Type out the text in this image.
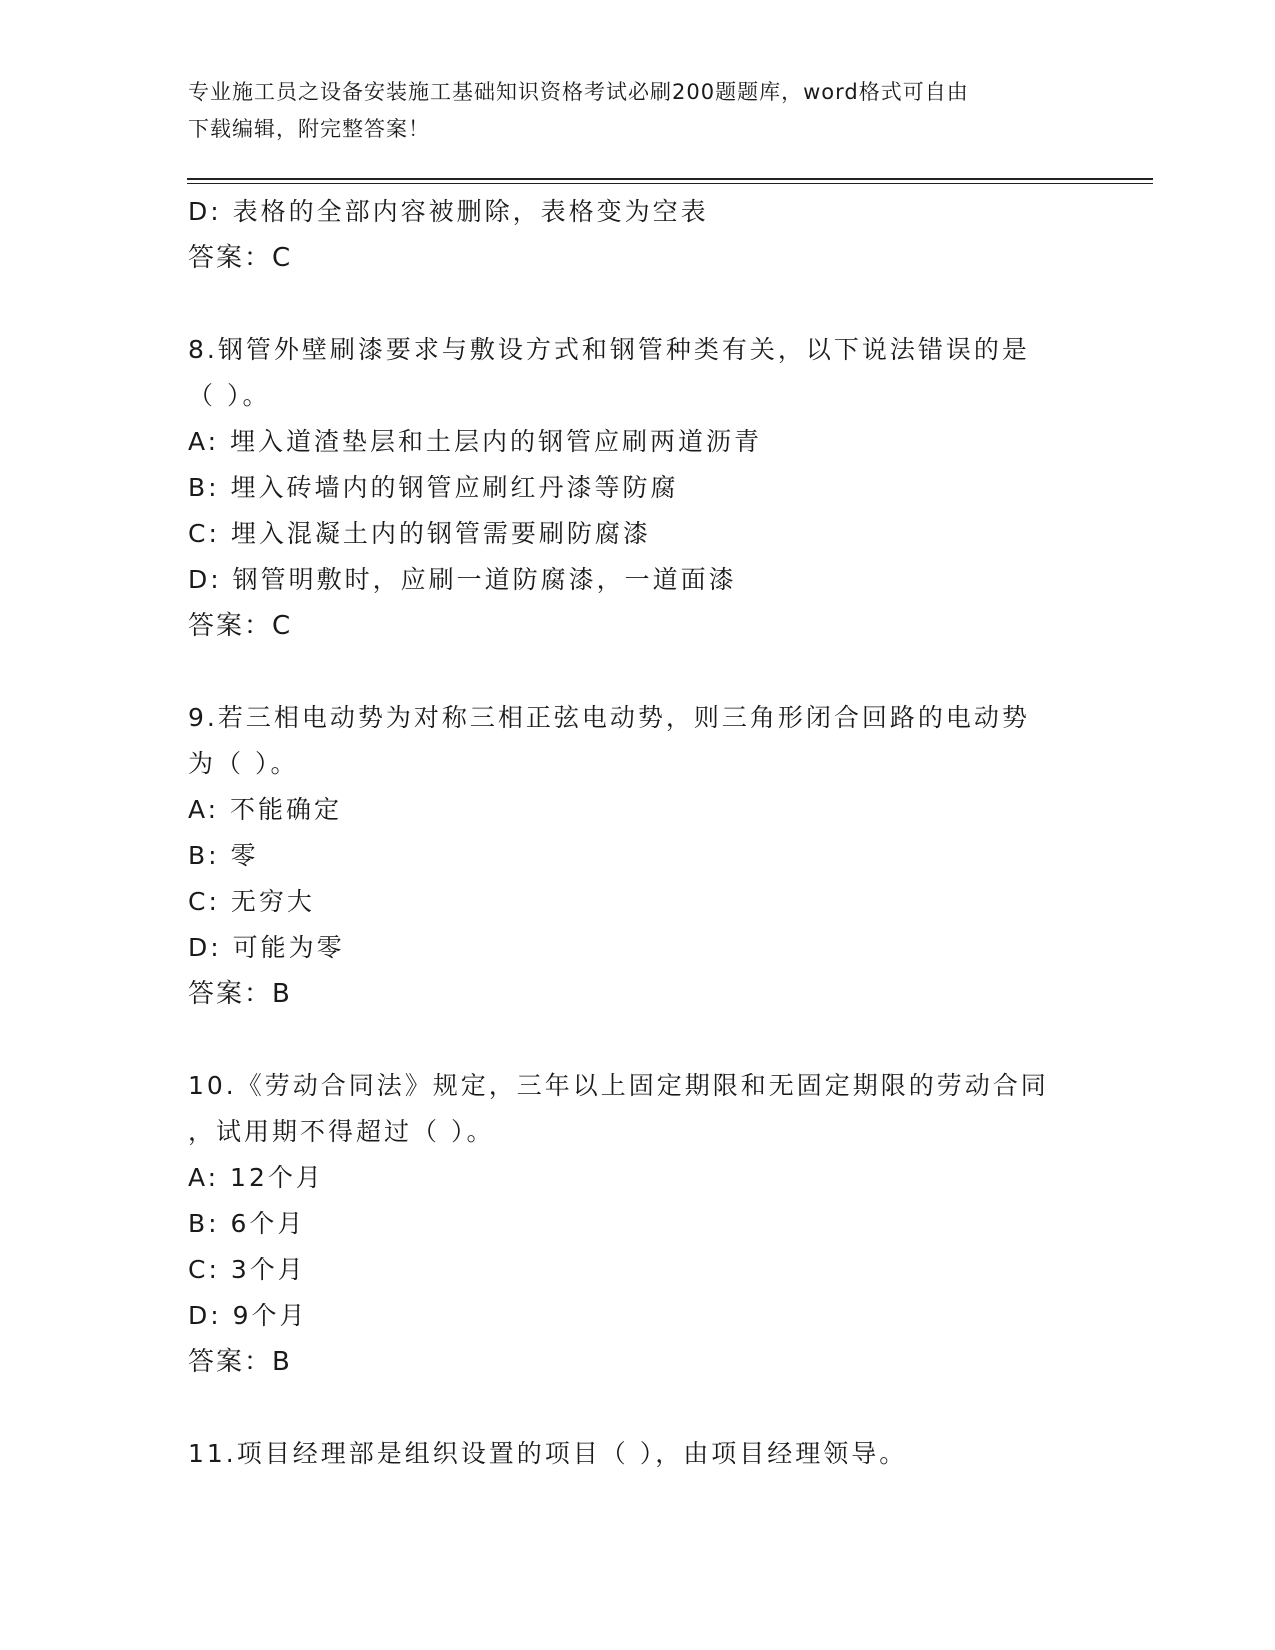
专业施工员之设备安装施工基础知识资格考试必刷200题题库，word格式可自由
下载编辑，附完整答案！
D: 表格的全部内容被删除，表格变为空表
答案：C
8.钢管外壁刷漆要求与敷设方式和钢管种类有关，以下说法错误的是
（ ）。
A: 埋入道渣垫层和土层内的钢管应刷两道沥青
B: 埋入砖墙内的钢管应刷红丹漆等防腐
C: 埋入混凝土内的钢管需要刷防腐漆
D: 钢管明敷时，应刷一道防腐漆，一道面漆
答案：C
9.若三相电动势为对称三相正弦电动势，则三角形闭合回路的电动势
为（ ）。
A: 不能确定
B: 零
C: 无穷大
D: 可能为零
答案：B
10.《劳动合同法》规定，三年以上固定期限和无固定期限的劳动合同
，试用期不得超过（ ）。
A: 12个月
B: 6个月
C: 3个月
D: 9个月
答案：B
11.项目经理部是组织设置的项目（ ），由项目经理领导。
